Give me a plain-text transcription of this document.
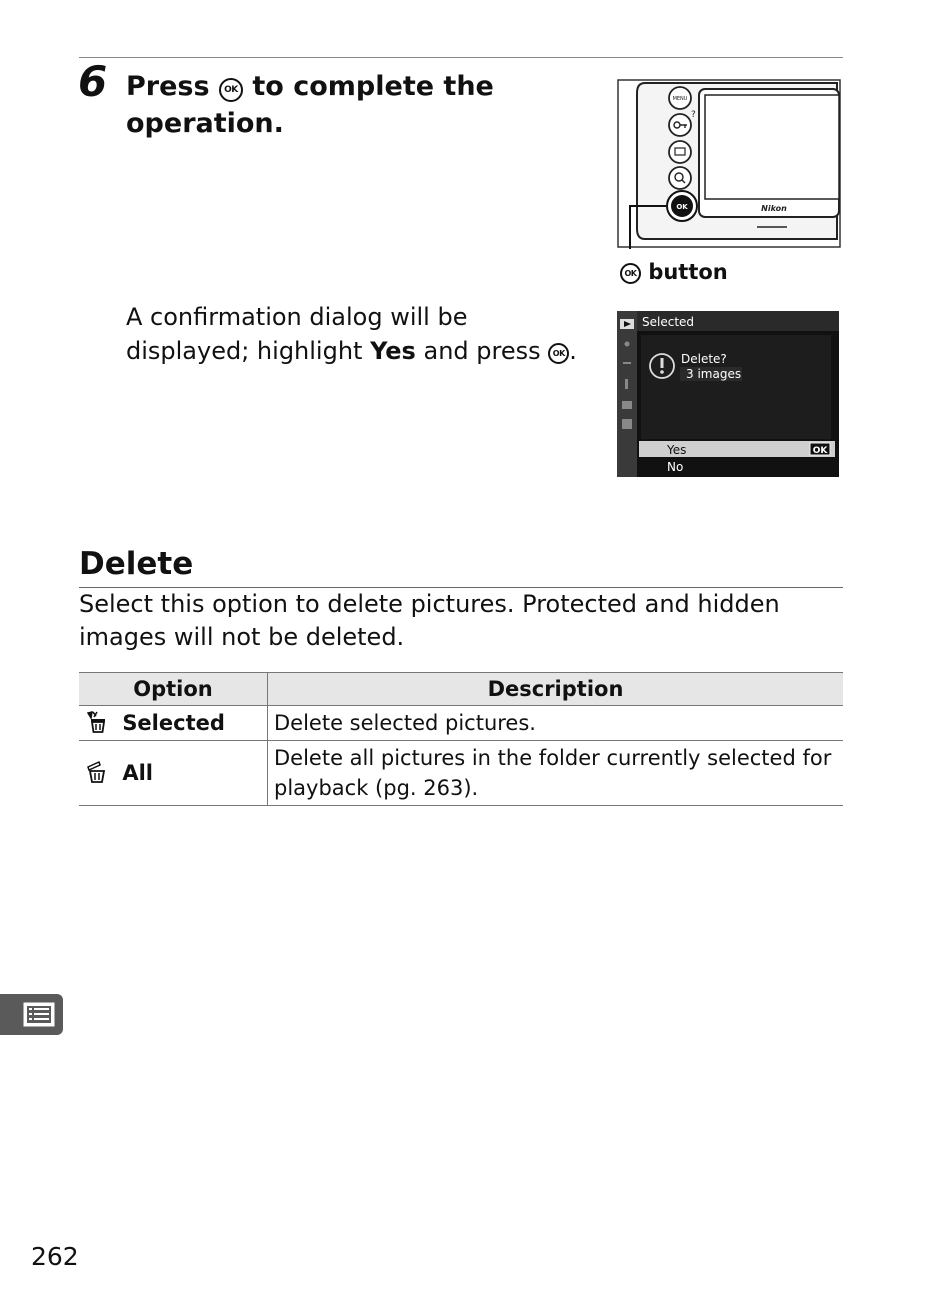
6 Press OK to complete the operation.
Nikon
MENU
?
OK
OK button
A confirmation dialog will be displayed; highlight Yes and press OK .
Selected
Delete?
3 images
Yes	OK
No
Delete
Select this option to delete pictures. Protected and hidden images will not be deleted.
Option	Description
Selected	Delete selected pictures.
All	Delete all pictures in the folder currently selected for playback (pg. 263).
262
